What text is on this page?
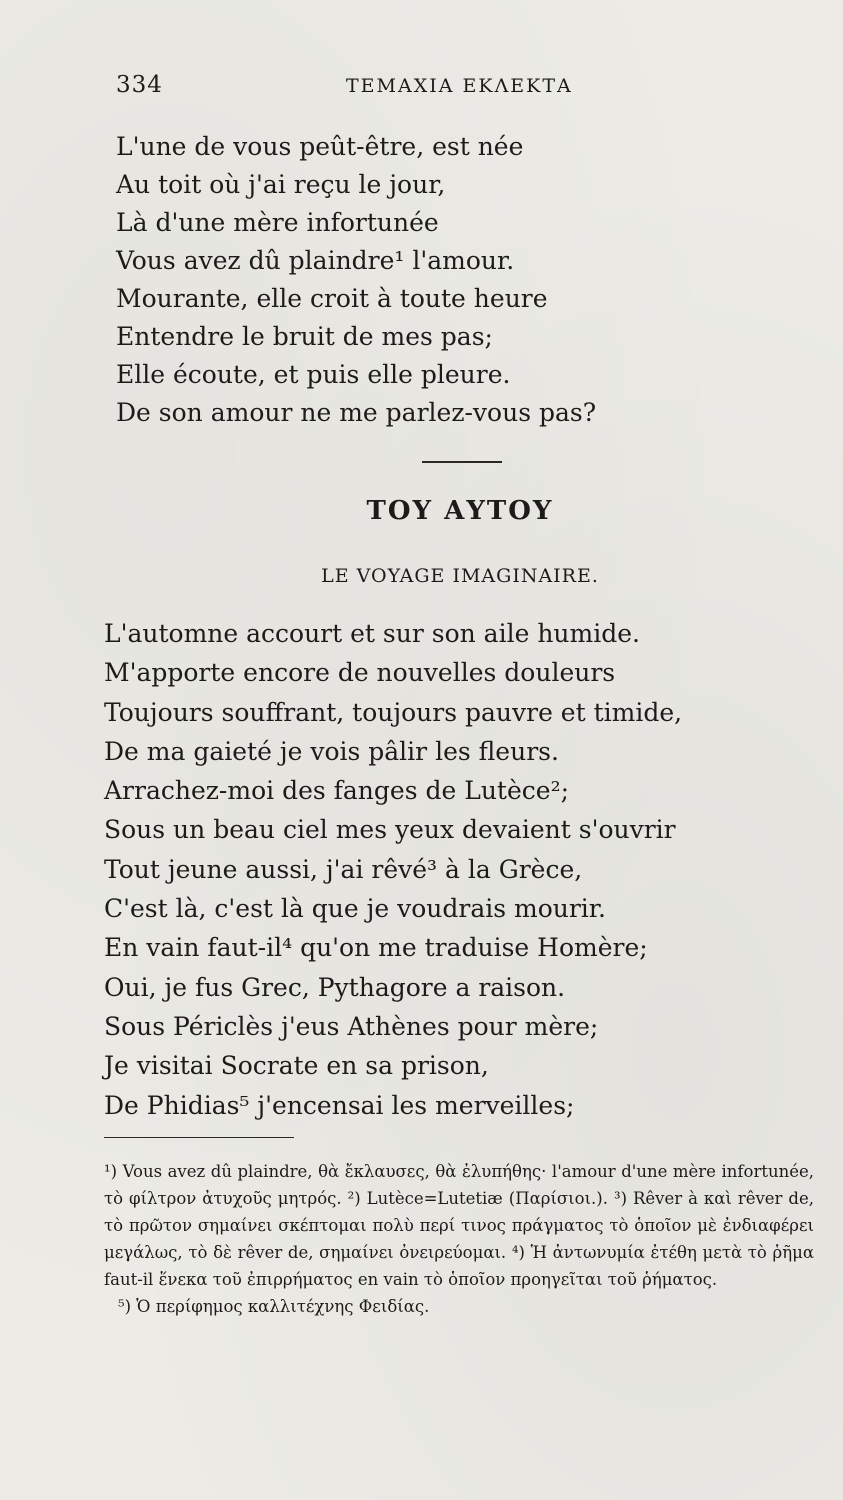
334	ΤΕΜΑΧΙΑ ΕΚΛΕΚΤΑ
L'une de vous peût-être, est née
Au toit où j'ai reçu le jour,
Là d'une mère infortunée
Vous avez dû plaindre¹ l'amour.
Mourante, elle croit à toute heure
Entendre le bruit de mes pas;
Elle écoute, et puis elle pleure.
De son amour ne me parlez-vous pas?
ΤΟΥ ΑΥΤΟΥ
LE VOYAGE IMAGINAIRE.
L'automne accourt et sur son aile humide.
M'apporte encore de nouvelles douleurs
Toujours souffrant, toujours pauvre et timide,
De ma gaieté je vois pâlir les fleurs.
Arrachez-moi des fanges de Lutèce²;
Sous un beau ciel mes yeux devaient s'ouvrir
Tout jeune aussi, j'ai rêvé³ à la Grèce,
C'est là, c'est là que je voudrais mourir.
En vain faut-il⁴ qu'on me traduise Homère;
Oui, je fus Grec, Pythagore a raison.
Sous Périclès j'eus Athènes pour mère;
Je visitai Socrate en sa prison,
De Phidias⁵ j'encensai les merveilles;

¹) Vous avez dû plaindre, θὰ ἔκλαυσες, θὰ ἐλυπήθης· l'amour d'une mère infortunée, τὸ φίλτρον ἀτυχοῦς μητρός. ²) Lutèce=Lutetiæ (Παρίσιοι.). ³) Rêver à καὶ rêver de, τὸ πρῶτον σημαίνει σκέπτομαι πολὺ περί τινος πράγματος τὸ ὁποῖον μὲ ἐνδιαφέρει μεγάλως, τὸ δὲ rêver de, σημαίνει ὀνειρεύομαι. ⁴) Ἡ ἀντωνυμία ἐτέθη μετὰ τὸ ῥῆμα faut-il ἕνεκα τοῦ ἐπιρρήματος en vain τὸ ὁποῖον προηγεῖται τοῦ ῥήματος.

⁵) Ὁ περίφημος καλλιτέχνης Φειδίας.
